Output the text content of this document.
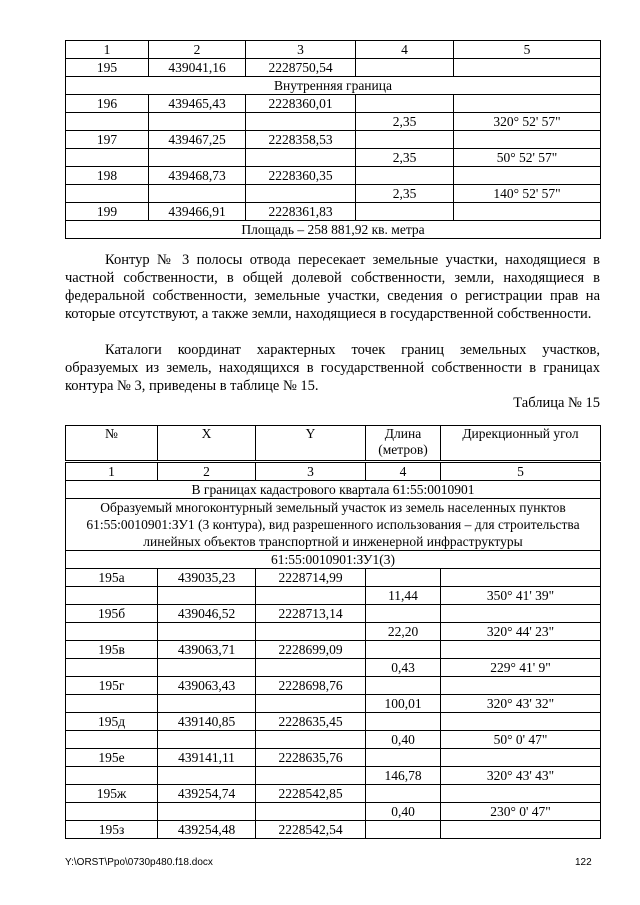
1	2	3	4	5
195	439041,16	2228750,54		
Внутренняя граница				
196	439465,43	2228360,01		
			2,35	320° 52' 57"
197	439467,25	2228358,53		
			2,35	50° 52' 57"
198	439468,73	2228360,35		
			2,35	140° 52' 57"
199	439466,91	2228361,83		
Площадь – 258 881,92 кв. метра				
Контур № 3 полосы отвода пересекает земельные участки, находящиеся в частной собственности, в общей долевой собственности, земли, находящиеся в федеральной собственности, земельные участки, сведения о регистрации прав на которые отсутствуют, а также земли, находящиеся в государственной собственности.
Каталоги координат характерных точек границ земельных участков, образуемых из земель, находящихся в государственной собственности в границах контура № 3, приведены в таблице № 15.
Таблица № 15
№	X	Y	Длина (метров)	Дирекционный угол
1	2	3	4	5
В границах кадастрового квартала 61:55:0010901				
Образуемый многоконтурный земельный участок из земель населенных пунктов 61:55:0010901:ЗУ1 (3 контура), вид разрешенного использования – для строительства линейных объектов транспортной и инженерной инфраструктуры				
61:55:0010901:ЗУ1(3)				
195а	439035,23	2228714,99		
			11,44	350° 41' 39"
195б	439046,52	2228713,14		
			22,20	320° 44' 23"
195в	439063,71	2228699,09		
			0,43	229° 41' 9"
195г	439063,43	2228698,76		
			100,01	320° 43' 32"
195д	439140,85	2228635,45		
			0,40	50° 0' 47"
195е	439141,11	2228635,76		
			146,78	320° 43' 43"
195ж	439254,74	2228542,85		
			0,40	230° 0' 47"
195з	439254,48	2228542,54		
Y:\ORST\Ppo\0730p480.f18.docx	122
